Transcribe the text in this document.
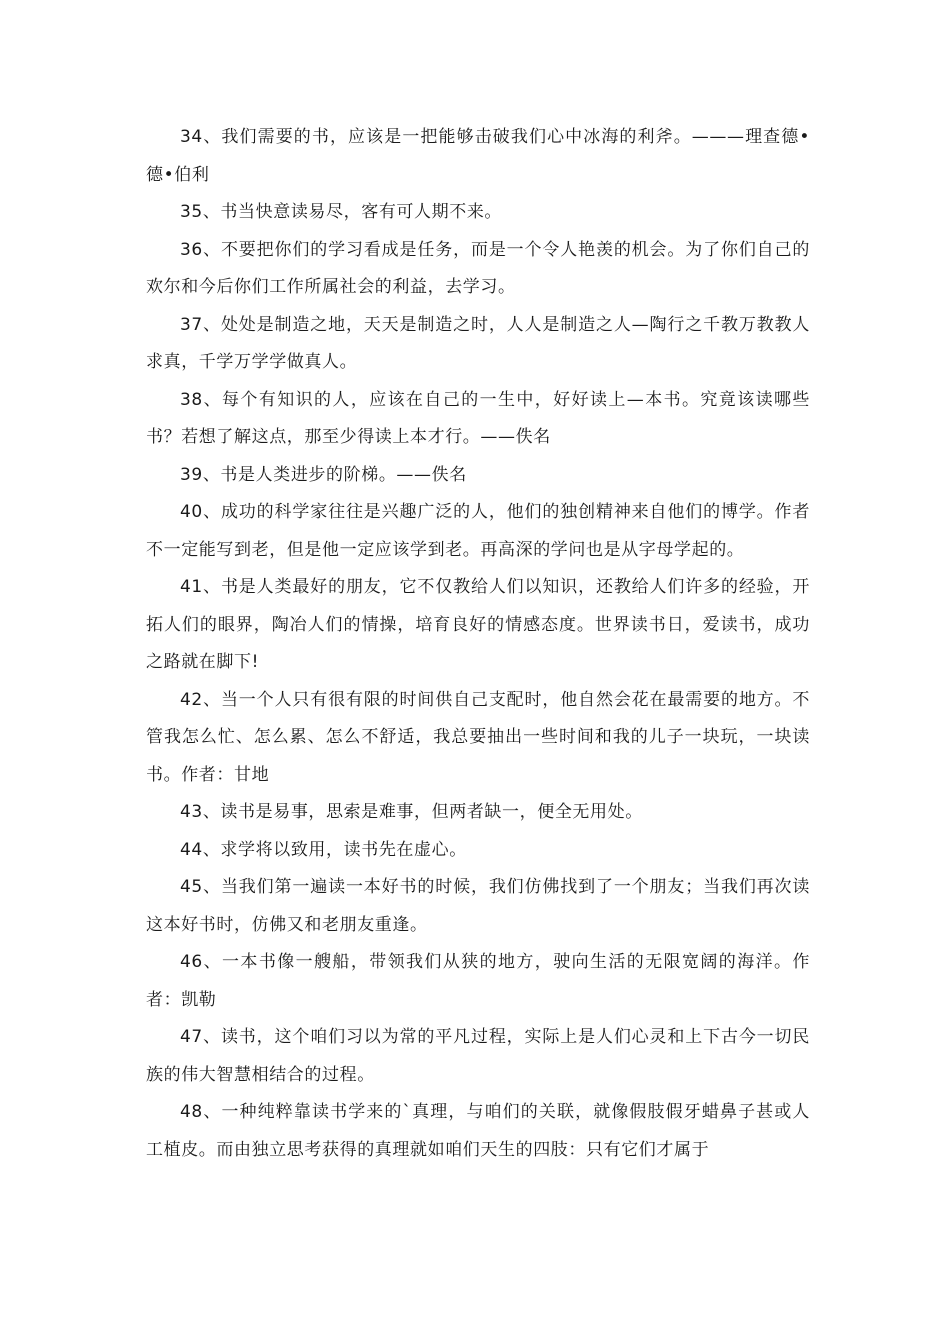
34、我们需要的书，应该是一把能够击破我们心中冰海的利斧。———理查德•德•伯利

35、书当快意读易尽，客有可人期不来。

36、不要把你们的学习看成是任务，而是一个令人艳羡的机会。为了你们自己的欢尔和今后你们工作所属社会的利益，去学习。

37、处处是制造之地，天天是制造之时，人人是制造之人—陶行之千教万教教人求真，千学万学学做真人。

38、每个有知识的人，应该在自己的一生中，好好读上—本书。究竟该读哪些书？若想了解这点，那至少得读上本才行。——佚名

39、书是人类进步的阶梯。——佚名

40、成功的科学家往往是兴趣广泛的人，他们的独创精神来自他们的博学。作者不一定能写到老，但是他一定应该学到老。再高深的学问也是从字母学起的。

41、书是人类最好的朋友，它不仅教给人们以知识，还教给人们许多的经验，开拓人们的眼界，陶冶人们的情操，培育良好的情感态度。世界读书日，爱读书，成功之路就在脚下!

42、当一个人只有很有限的时间供自己支配时，他自然会花在最需要的地方。不管我怎么忙、怎么累、怎么不舒适，我总要抽出一些时间和我的儿子一块玩，一块读书。作者：甘地

43、读书是易事，思索是难事，但两者缺一，便全无用处。

44、求学将以致用，读书先在虚心。

45、当我们第一遍读一本好书的时候，我们仿佛找到了一个朋友；当我们再次读这本好书时，仿佛又和老朋友重逢。

46、一本书像一艘船，带领我们从狭的地方，驶向生活的无限宽阔的海洋。作者：凯勒

47、读书，这个咱们习以为常的平凡过程，实际上是人们心灵和上下古今一切民族的伟大智慧相结合的过程。

48、一种纯粹靠读书学来的`真理，与咱们的关联，就像假肢假牙蜡鼻子甚或人工植皮。而由独立思考获得的真理就如咱们天生的四肢：只有它们才属于
